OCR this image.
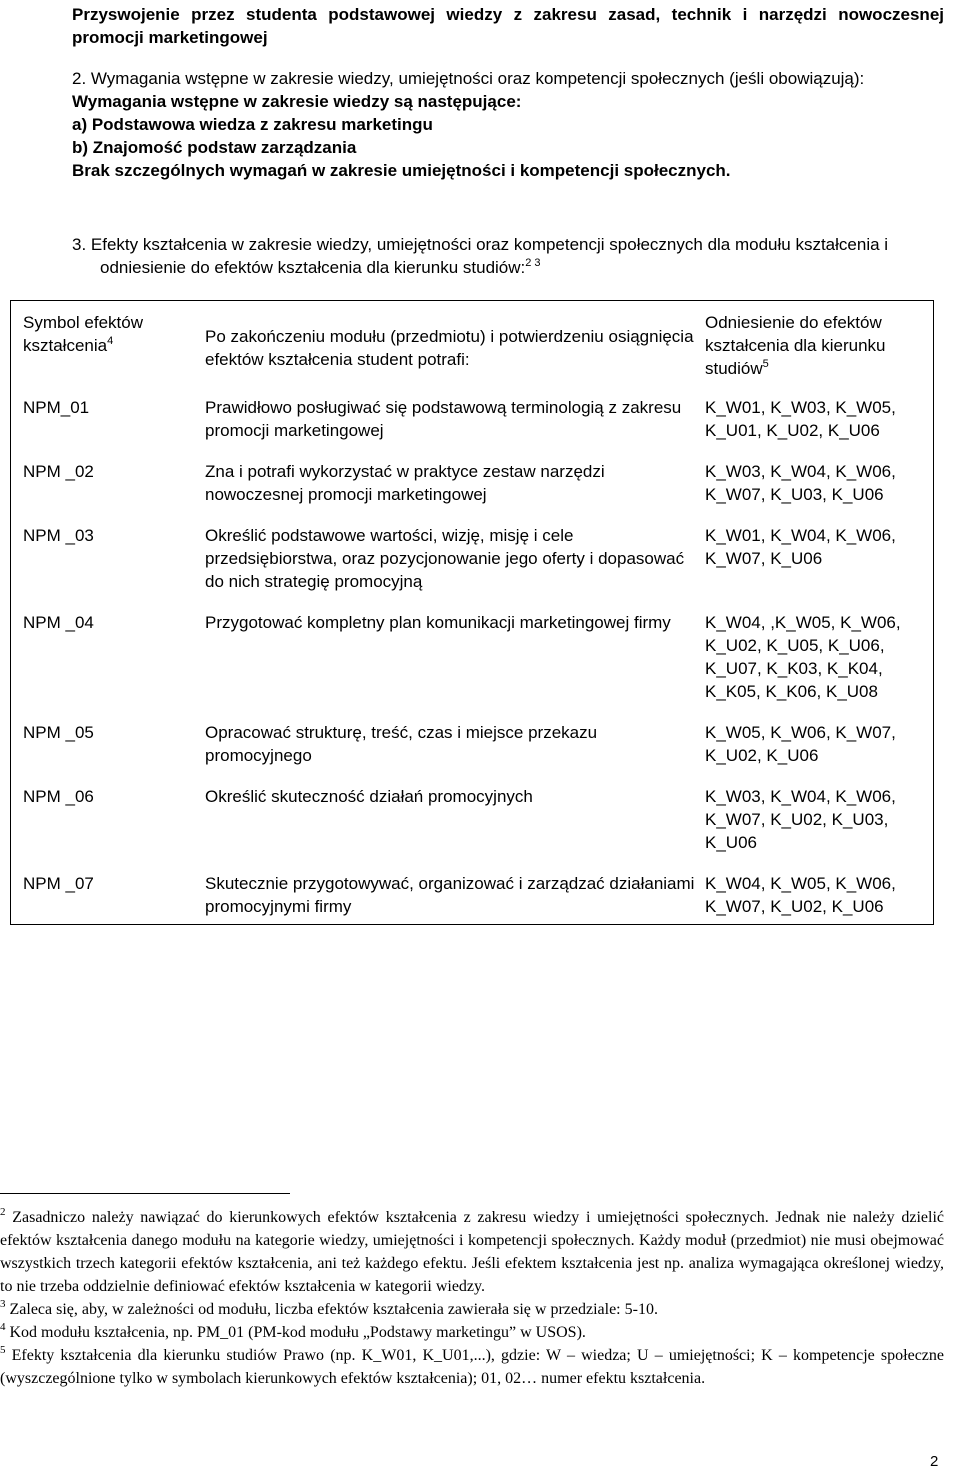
Przyswojenie przez studenta podstawowej wiedzy z zakresu zasad, technik i narzędzi nowoczesnej promocji marketingowej
2. Wymagania wstępne w zakresie wiedzy, umiejętności oraz kompetencji społecznych (jeśli obowiązują):
Wymagania wstępne w zakresie wiedzy są następujące:
a) Podstawowa wiedza z zakresu marketingu
b) Znajomość podstaw zarządzania
Brak szczególnych wymagań w zakresie umiejętności i kompetencji społecznych.
3. Efekty kształcenia w zakresie wiedzy, umiejętności oraz kompetencji społecznych dla modułu kształcenia i odniesienie do efektów kształcenia dla kierunku studiów:$^{2 3}$
Symbol efektów kształcenia$^4$	Po zakończeniu modułu (przedmiotu) i potwierdzeniu osiągnięcia efektów kształcenia student potrafi:	Odniesienie do efektów kształcenia dla kierunku studiów$^5$
NPM_01	Prawidłowo posługiwać się podstawową terminologią z zakresu promocji marketingowej	K_W01, K_W03, K_W05, K_U01, K_U02, K_U06
NPM _02	Zna i potrafi wykorzystać w praktyce zestaw narzędzi nowoczesnej promocji marketingowej	K_W03, K_W04, K_W06, K_W07, K_U03, K_U06
NPM _03	Określić podstawowe wartości, wizję, misję i cele przedsiębiorstwa, oraz pozycjonowanie jego oferty i dopasować do nich strategię promocyjną	K_W01, K_W04, K_W06, K_W07, K_U06
NPM _04	Przygotować kompletny plan komunikacji marketingowej firmy	K_W04, ,K_W05, K_W06, K_U02, K_U05, K_U06, K_U07, K_K03, K_K04, K_K05, K_K06, K_U08
NPM _05	Opracować strukturę, treść, czas i miejsce przekazu promocyjnego	K_W05, K_W06, K_W07, K_U02, K_U06
NPM _06	Określić skuteczność działań promocyjnych	K_W03, K_W04, K_W06, K_W07, K_U02, K_U03, K_U06
NPM _07	Skutecznie przygotowywać, organizować i zarządzać działaniami promocyjnymi firmy	K_W04, K_W05, K_W06, K_W07, K_U02, K_U06

$^2$ Zasadniczo należy nawiązać do kierunkowych efektów kształcenia z zakresu wiedzy i umiejętności społecznych. Jednak nie należy dzielić efektów kształcenia danego modułu na kategorie wiedzy, umiejętności i kompetencji społecznych. Każdy moduł (przedmiot) nie musi obejmować wszystkich trzech kategorii efektów kształcenia, ani też każdego efektu. Jeśli efektem kształcenia jest np. analiza wymagająca określonej wiedzy, to nie trzeba oddzielnie definiować efektów kształcenia w kategorii wiedzy.

$^3$ Zaleca się, aby, w zależności od modułu, liczba efektów kształcenia zawierała się w przedziale: 5-10.

$^4$ Kod modułu kształcenia, np. PM_01 (PM-kod modułu „Podstawy marketingu” w USOS).

$^5$ Efekty kształcenia dla kierunku studiów Prawo (np. K_W01, K_U01,...), gdzie: W – wiedza; U – umiejętności; K – kompetencje społeczne (wyszczególnione tylko w symbolach kierunkowych efektów kształcenia); 01, 02… numer efektu kształcenia.

2
